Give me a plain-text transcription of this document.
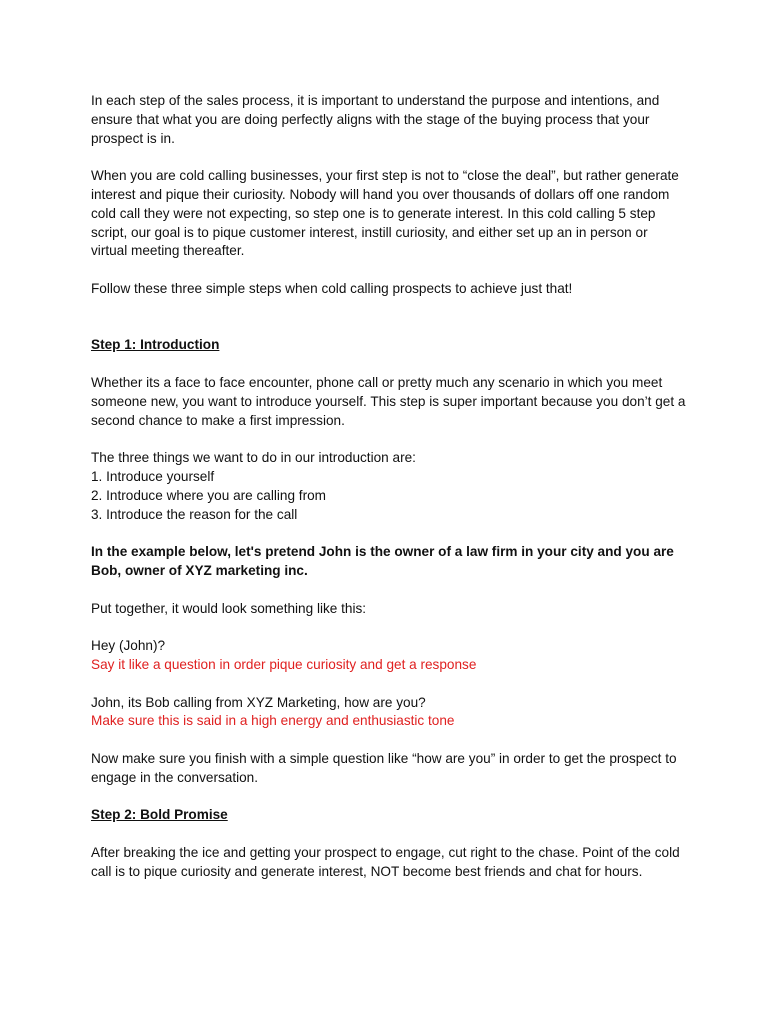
In each step of the sales process, it is important to understand the purpose and intentions, and ensure that what you are doing perfectly aligns with the stage of the buying process that your prospect is in.

When you are cold calling businesses, your first step is not to “close the deal”, but rather generate interest and pique their curiosity. Nobody will hand you over thousands of dollars off one random cold call they were not expecting, so step one is to generate interest. In this cold calling 5 step script, our goal is to pique customer interest, instill curiosity, and either set up an in person or virtual meeting thereafter.

Follow these three simple steps when cold calling prospects to achieve just that!

Step 1: Introduction

Whether its a face to face encounter, phone call or pretty much any scenario in which you meet someone new, you want to introduce yourself. This step is super important because you don’t get a second chance to make a first impression.

The three things we want to do in our introduction are:

1. Introduce yourself
2. Introduce where you are calling from
3. Introduce the reason for the call

In the example below, let's pretend John is the owner of a law firm in your city and you are Bob, owner of XYZ marketing inc.

Put together, it would look something like this:

Hey (John)?

Say it like a question in order pique curiosity and get a response

John, its Bob calling from XYZ Marketing, how are you?

Make sure this is said in a high energy and enthusiastic tone

Now make sure you finish with a simple question like “how are you” in order to get the prospect to engage in the conversation.

Step 2: Bold Promise

After breaking the ice and getting your prospect to engage, cut right to the chase. Point of the cold call is to pique curiosity and generate interest, NOT become best friends and chat for hours.
